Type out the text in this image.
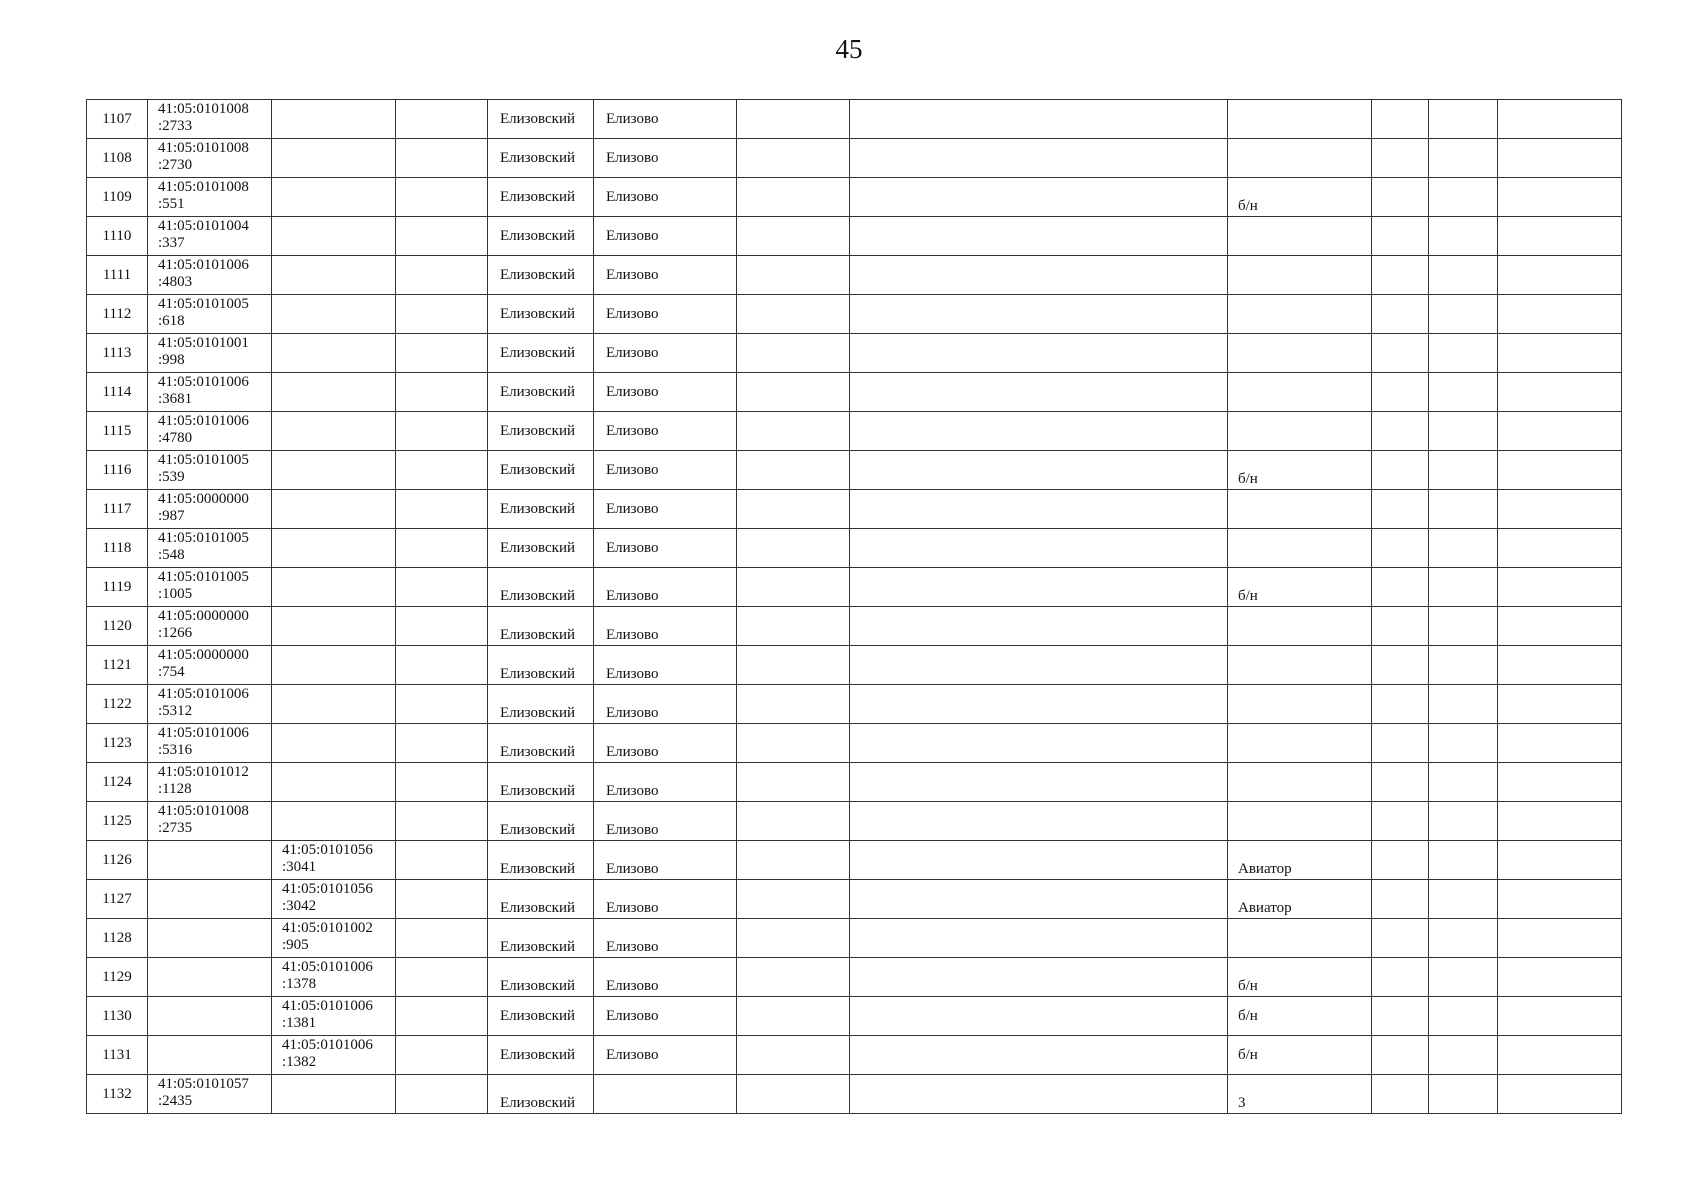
45
1107	41:05:0101008
:2733			Елизовский	Елизово						
1108	41:05:0101008
:2730			Елизовский	Елизово						
1109	41:05:0101008
:551			Елизовский	Елизово			б/н			
1110	41:05:0101004
:337			Елизовский	Елизово						
1111	41:05:0101006
:4803			Елизовский	Елизово						
1112	41:05:0101005
:618			Елизовский	Елизово						
1113	41:05:0101001
:998			Елизовский	Елизово						
1114	41:05:0101006
:3681			Елизовский	Елизово						
1115	41:05:0101006
:4780			Елизовский	Елизово						
1116	41:05:0101005
:539			Елизовский	Елизово			б/н			
1117	41:05:0000000
:987			Елизовский	Елизово						
1118	41:05:0101005
:548			Елизовский	Елизово						
1119	41:05:0101005
:1005			Елизовский	Елизово			б/н			
1120	41:05:0000000
:1266			Елизовский	Елизово						
1121	41:05:0000000
:754			Елизовский	Елизово						
1122	41:05:0101006
:5312			Елизовский	Елизово						
1123	41:05:0101006
:5316			Елизовский	Елизово						
1124	41:05:0101012
:1128			Елизовский	Елизово						
1125	41:05:0101008
:2735			Елизовский	Елизово						
1126		41:05:0101056
:3041		Елизовский	Елизово			Авиатор			
1127		41:05:0101056
:3042		Елизовский	Елизово			Авиатор			
1128		41:05:0101002
:905		Елизовский	Елизово						
1129		41:05:0101006
:1378		Елизовский	Елизово			б/н			
1130		41:05:0101006
:1381		Елизовский	Елизово			б/н			
1131		41:05:0101006
:1382		Елизовский	Елизово			б/н			
1132	41:05:0101057
:2435			Елизовский				3			
